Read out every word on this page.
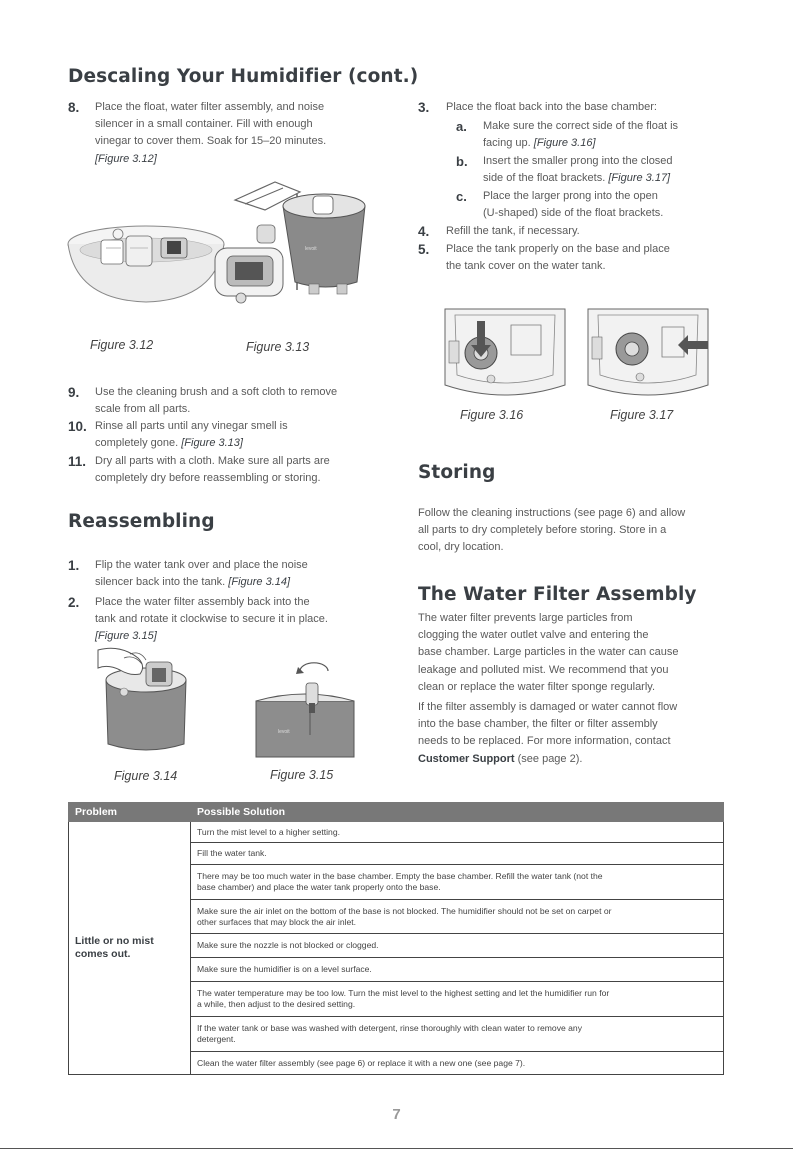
Descaling Your Humidifier (cont.)
8. Place the float, water filter assembly, and noise
silencer in a small container. Fill with enough
vinegar to cover them. Soak for 15–20 minutes.
[Figure 3.12]
levoit
Figure 3.12	Figure 3.13
9. Use the cleaning brush and a soft cloth to remove
scale from all parts.
10. Rinse all parts until any vinegar smell is
completely gone. [Figure 3.13]
11. Dry all parts with a cloth. Make sure all parts are
completely dry before reassembling or storing.
Reassembling
1. Flip the water tank over and place the noise
silencer back into the tank. [Figure 3.14]
2. Place the water filter assembly back into the
tank and rotate it clockwise to secure it in place.
[Figure 3.15]
levoit
Figure 3.14	Figure 3.15
3. Place the float back into the base chamber:
a. Make sure the correct side of the float is
facing up. [Figure 3.16]
b. Insert the smaller prong into the closed
side of the float brackets. [Figure 3.17]
c. Place the larger prong into the open
(U-shaped) side of the float brackets.
4. Refill the tank, if necessary.
5. Place the tank properly on the base and place
the tank cover on the water tank.
Figure 3.16	Figure 3.17
Storing
Follow the cleaning instructions (see page 6) and allow
all parts to dry completely before storing. Store in a
cool, dry location.
The Water Filter Assembly
The water filter prevents large particles from
clogging the water outlet valve and entering the
base chamber. Large particles in the water can cause
leakage and polluted mist. We recommend that you
clean or replace the water filter sponge regularly.
If the filter assembly is damaged or water cannot flow
into the base chamber, the filter or filter assembly
needs to be replaced. For more information, contact
Customer Support (see page 2).
Problem	Possible Solution

Little or no mist
comes out.	Turn the mist level to a higher setting.

	Fill the water tank.

	There may be too much water in the base chamber. Empty the base chamber. Refill the water tank (not the
base chamber) and place the water tank properly onto the base.

	Make sure the air inlet on the bottom of the base is not blocked. The humidifier should not be set on carpet or
other surfaces that may block the air inlet.

	Make sure the nozzle is not blocked or clogged.

	Make sure the humidifier is on a level surface.

	The water temperature may be too low. Turn the mist level to the highest setting and let the humidifier run for
a while, then adjust to the desired setting.

	If the water tank or base was washed with detergent, rinse thoroughly with clean water to remove any
detergent.

	Clean the water filter assembly (see page 6) or replace it with a new one (see page 7).
7
